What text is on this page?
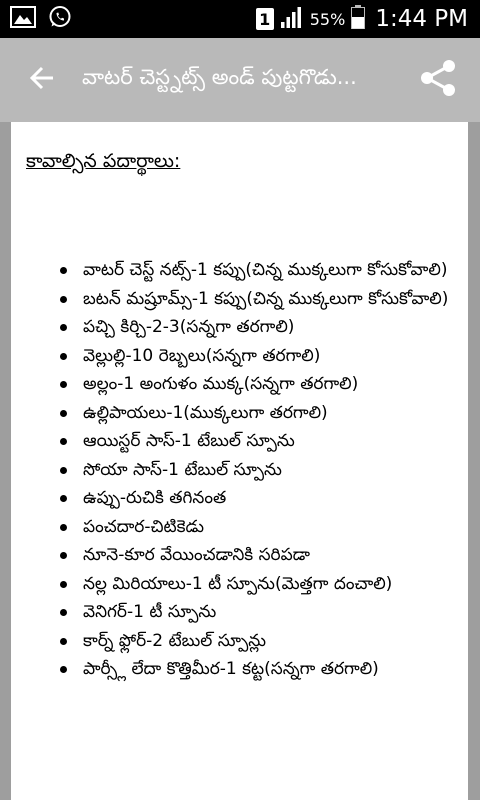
1 55% 1:44 PM
వాటర్ చెస్ట్నట్స్ అండ్ పుట్టగొడు...
కావాల్సిన పదార్థాలు:
వాటర్ చెస్ట్ నట్స్-1 కప్పు(చిన్న ముక్కలుగా కోసుకోవాలి)
బటన్ మష్రూమ్స్-1 కప్పు(చిన్న ముక్కలుగా కోసుకోవాలి)
పచ్చి కిర్చి-2-3(సన్నగా తరగాలి)
వెల్లుల్లి-10 రెబ్బలు(సన్నగా తరగాలి)
అల్లం-1 అంగుళం ముక్క(సన్నగా తరగాలి)
ఉల్లిపాయలు-1(ముక్కలుగా తరగాలి)
ఆయిస్టర్ సాస్-1 టేబుల్ స్పూను
సోయా సాస్-1 టేబుల్ స్పూను
ఉప్పు-రుచికి తగినంత
పంచదార-చిటికెడు
నూనె-కూర వేయించడానికి సరిపడా
నల్ల మిరియాలు-1 టీ స్పూను(మెత్తగా దంచాలి)
వెనిగర్-1 టీ స్పూను
కార్న్ ఫ్లోర్-2 టేబుల్ స్పూన్లు
పార్స్లీ లేదా కొత్తిమీర-1 కట్ట(సన్నగా తరగాలి)
